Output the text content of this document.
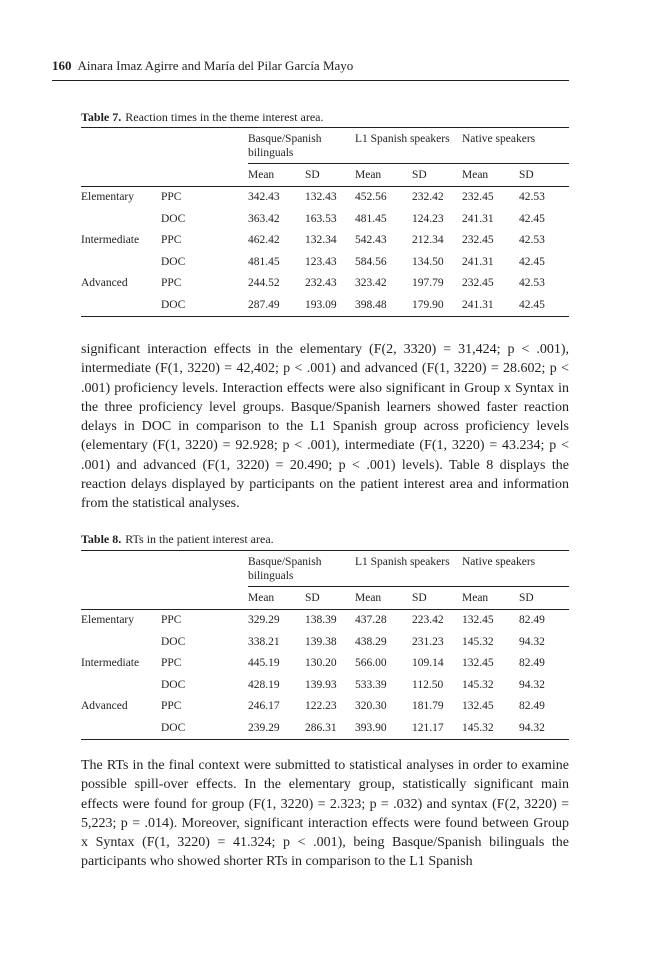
160 Ainara Imaz Agirre and María del Pilar García Mayo
Table 7. Reaction times in the theme interest area.
		Basque/Spanish bilinguals		L1 Spanish speakers		Native speakers	
		Mean	SD	Mean	SD	Mean	SD
Elementary	PPC	342.43	132.43	452.56	232.42	232.45	42.53
	DOC	363.42	163.53	481.45	124.23	241.31	42.45
Intermediate	PPC	462.42	132.34	542.43	212.34	232.45	42.53
	DOC	481.45	123.43	584.56	134.50	241.31	42.45
Advanced	PPC	244.52	232.43	323.42	197.79	232.45	42.53
	DOC	287.49	193.09	398.48	179.90	241.31	42.45

significant interaction effects in the elementary (F(2, 3320) = 31,424; p < .001), intermediate (F(1, 3220) = 42,402; p < .001) and advanced (F(1, 3220) = 28.602; p < .001) proficiency levels. Interaction effects were also significant in Group x Syntax in the three proficiency level groups. Basque/Spanish learners showed faster reaction delays in DOC in comparison to the L1 Spanish group across proficiency levels (elementary (F(1, 3220) = 92.928; p < .001), intermediate (F(1, 3220) = 43.234; p < .001) and advanced (F(1, 3220) = 20.490; p < .001) levels). Table 8 displays the reaction delays displayed by participants on the patient interest area and information from the statistical analyses.

Table 8. RTs in the patient interest area.
		Basque/Spanish bilinguals		L1 Spanish speakers		Native speakers	
		Mean	SD	Mean	SD	Mean	SD
Elementary	PPC	329.29	138.39	437.28	223.42	132.45	82.49
	DOC	338.21	139.38	438.29	231.23	145.32	94.32
Intermediate	PPC	445.19	130.20	566.00	109.14	132.45	82.49
	DOC	428.19	139.93	533.39	112.50	145.32	94.32
Advanced	PPC	246.17	122.23	320.30	181.79	132.45	82.49
	DOC	239.29	286.31	393.90	121.17	145.32	94.32

The RTs in the final context were submitted to statistical analyses in order to examine possible spill-over effects. In the elementary group, statistically significant main effects were found for group (F(1, 3220) = 2.323; p = .032) and syntax (F(2, 3220) = 5,223; p = .014). Moreover, significant interaction effects were found between Group x Syntax (F(1, 3220) = 41.324; p < .001), being Basque/Spanish bilinguals the participants who showed shorter RTs in comparison to the L1 Spanish
